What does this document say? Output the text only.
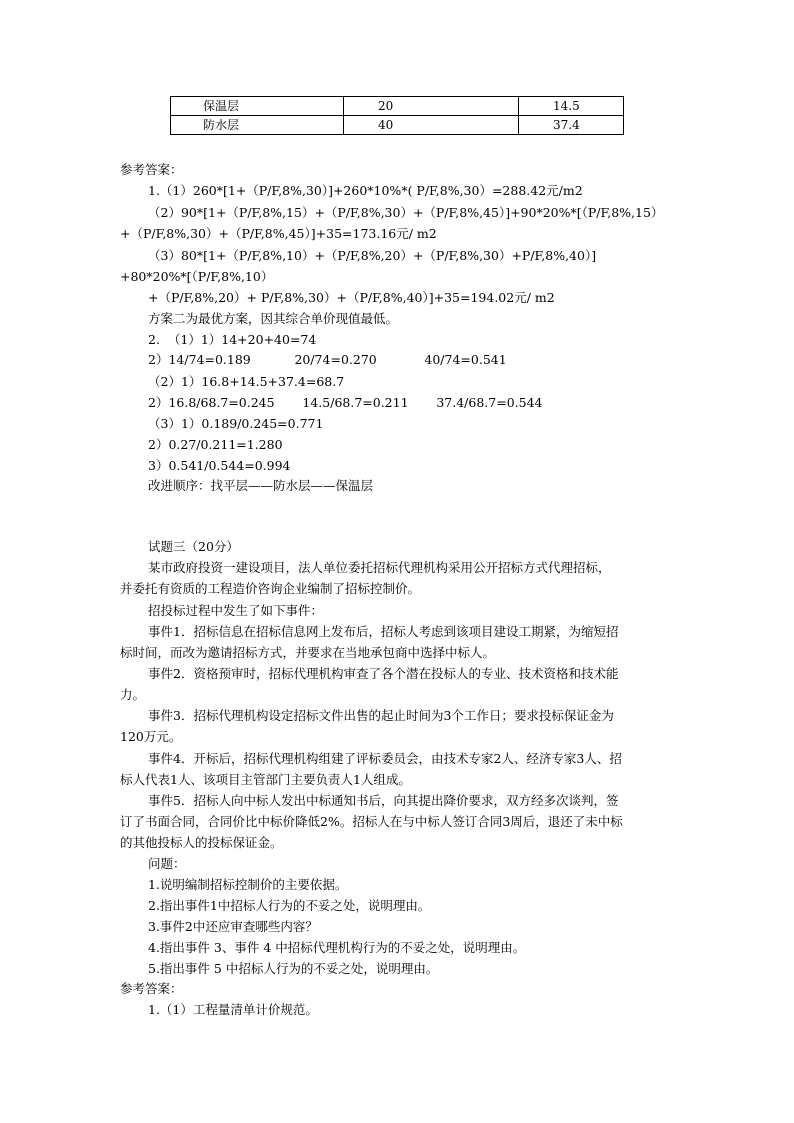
保温层	20	14.5
防水层	40	37.4
参考答案：
1.（1）260*[1+（P/F,8%,30）]+260*10%*( P/F,8%,30）=288.42元/m2
（2）90*[1+（P/F,8%,15）+（P/F,8%,30）+（P/F,8%,45）]+90*20%*[（P/F,8%,15）
+（P/F,8%,30）+（P/F,8%,45）]+35=173.16元/ m2
（3）80*[1+（P/F,8%,10）+（P/F,8%,20）+（P/F,8%,30）+P/F,8%,40）]
+80*20%*[（P/F,8%,10）
+（P/F,8%,20）+ P/F,8%,30）+（P/F,8%,40）]+35=194.02元/ m2
方案二为最优方案，因其综合单价现值最低。
2.  （1）1）14+20+40=74
2）14/74=0.189           20/74=0.270            40/74=0.541
（2）1）16.8+14.5+37.4=68.7
2）16.8/68.7=0.245       14.5/68.7=0.211       37.4/68.7=0.544
（3）1）0.189/0.245=0.771
2）0.27/0.211=1.280
3）0.541/0.544=0.994
改进顺序：找平层——防水层——保温层
试题三（20分）
某市政府投资一建设项目，法人单位委托招标代理机构采用公开招标方式代理招标，
并委托有资质的工程造价咨询企业编制了招标控制价。
招投标过程中发生了如下事件：
事件1．招标信息在招标信息网上发布后，招标人考虑到该项目建设工期紧，为缩短招
标时间，而改为邀请招标方式，并要求在当地承包商中选择中标人。
事件2．资格预审时，招标代理机构审查了各个潜在投标人的专业、技术资格和技术能
力。
事件3．招标代理机构设定招标文件出售的起止时间为3个工作日；要求投标保证金为
120万元。
事件4．开标后，招标代理机构组建了评标委员会，由技术专家2人、经济专家3人、招
标人代表1人、该项目主管部门主要负责人1人组成。
事件5．招标人向中标人发出中标通知书后，向其提出降价要求，双方经多次谈判，签
订了书面合同，合同价比中标价降低2%。招标人在与中标人签订合同3周后，退还了未中标
的其他投标人的投标保证金。
问题：
1.说明编制招标控制价的主要依据。
2.指出事件1中招标人行为的不妥之处，说明理由。
3.事件2中还应审查哪些内容？
4.指出事件 3、事件 4 中招标代理机构行为的不妥之处，说明理由。
5.指出事件 5 中招标人行为的不妥之处，说明理由。
参考答案：
1.（1）工程量清单计价规范。
